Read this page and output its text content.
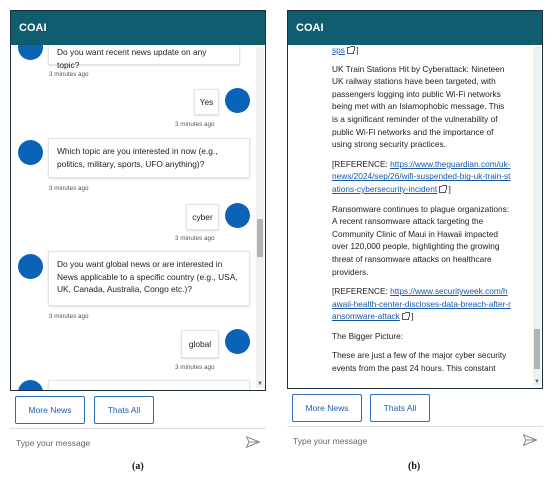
COAI
Do you want recent news update on any topic?
3 minutes ago
Yes
3 minutes ago
Which topic are you interested in now (e.g., politics, military, sports, UFO anything)?
3 minutes ago
cyber
3 minutes ago
Do you want global news or are interested in News applicable to a specific country (e.g., USA, UK, Canada, Australia, Congo etc.)?
3 minutes ago
global
3 minutes ago
▼
More News	Thats All
Type your message
COAI

sps ]

UK Train Stations Hit by Cyberattack: Nineteen UK railway stations have been targeted, with passengers logging into public Wi-Fi networks being met with an Islamophobic message. This is a significant reminder of the vulnerability of public Wi-Fi networks and the importance of using strong security practices.

[REFERENCE: https://www.theguardian.com/uk-news/2024/sep/26/wifi-suspended-big-uk-train-stations-cybersecurity-incident ]

Ransomware continues to plague organizations: A recent ransomware attack targeting the Community Clinic of Maui in Hawaii impacted over 120,000 people, highlighting the growing threat of ransomware attacks on healthcare providers.

[REFERENCE: https://www.securityweek.com/hawaii-health-center-discloses-data-breach-after-ransomware-attack ]

The Bigger Picture:

These are just a few of the major cyber security events from the past 24 hours. This constant

▼
More News	Thats All
Type your message
(a)	(b)
